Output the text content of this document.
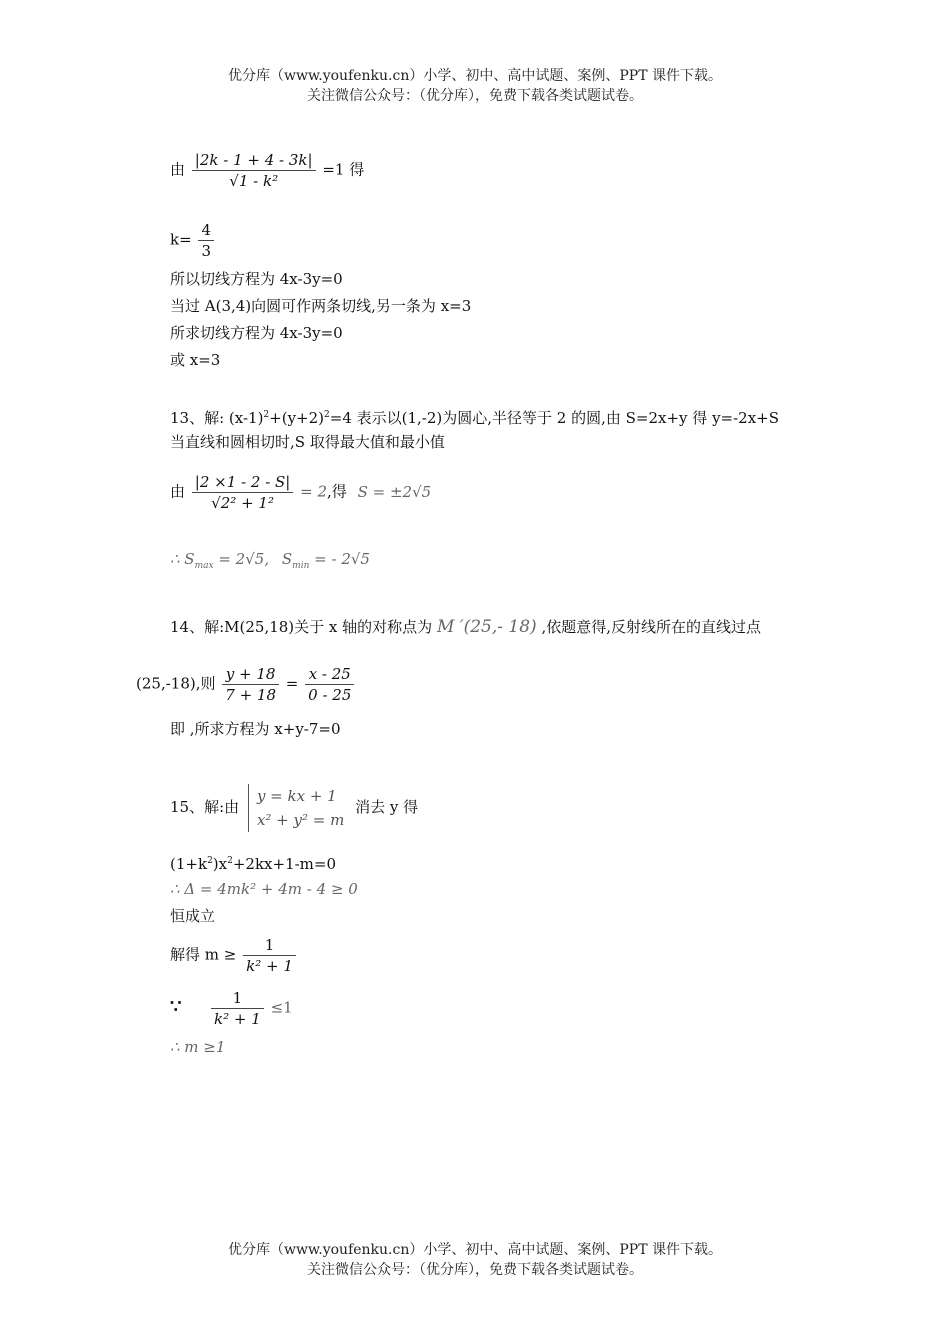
优分库（www.youfenku.cn）小学、初中、高中试题、案例、PPT 课件下载。
关注微信公众号：（优分库），免费下载各类试题试卷。
由 $\frac{|2k - 1 + 4 - 3k|}{\text{√1 - k²}} =1$ 得
$k= \frac{4}{3}$
所以切线方程为 4x-3y=0
当过 A(3,4)向圆可作两条切线,另一条为 x=3
所求切线方程为 4x-3y=0
或 x=3
13、解: $(x-1)^2+(y+2)^2=4$ 表示以(1,-2)为圆心,半径等于 2 的圆,由 S=2x+y 得 y=-2x+S
当直线和圆相切时,S 取得最大值和最小值
由 $\frac{|2 \times 1 - 2 - S|}{\text{√2² + 1²}} = 2$,得 S = ±2√5
∴ $S_{max} = 2√5$, $S_{min}$ = - 2√5
14、解:M(25,18)关于 x 轴的对称点为 M ′(25,- 18) ,依题意得,反射线所在的直线过点
(25,-18),则 $\frac{y + 18}{7 + 18} = \frac{x - 25}{0 - 25}$
即 ,所求方程为 x+y-7=0
15、解:由
y = kx + 1
x² + y² = m
消去 y 得
$(1+k^2)x^2+2kx+1-m=0$
∴ Δ = 4mk² + 4m - 4 ≥ 0
恒成立
解得 $m \ge \frac{1}{\text{k² + 1}}$
∵ $\frac{1}{\text{k² + 1}} \le 1$
∴ m ≥1
优分库（www.youfenku.cn）小学、初中、高中试题、案例、PPT 课件下载。
关注微信公众号：（优分库），免费下载各类试题试卷。
